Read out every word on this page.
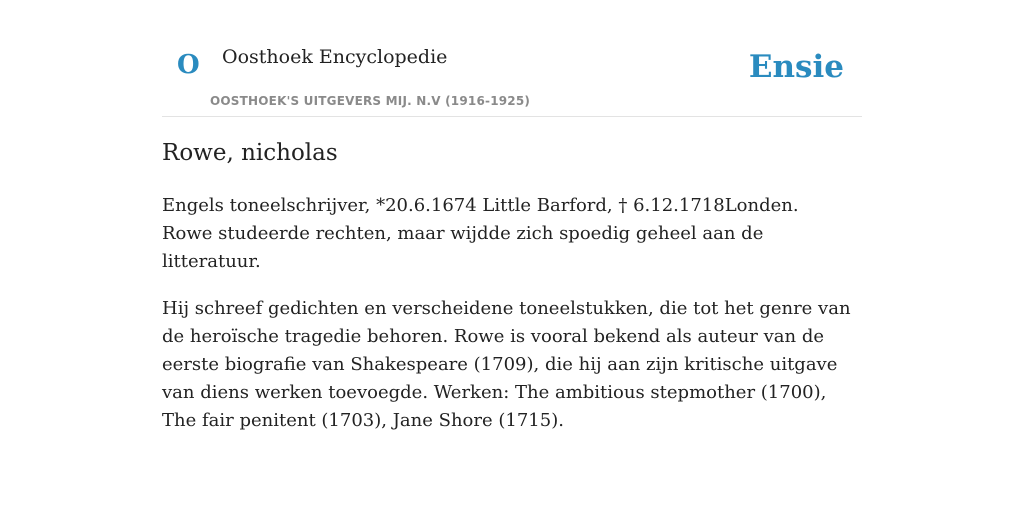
O Oosthoek Encyclopedie
OOSTHOEK'S UITGEVERS MIJ. N.V (1916-1925)
Ensie
Rowe, nicholas

Engels toneelschrijver, *20.6.1674 Little Barford, † 6.12.1718Londen. Rowe studeerde rechten, maar wijdde zich spoedig geheel aan de litteratuur.

Hij schreef gedichten en verscheidene toneelstukken, die tot het genre van de heroïsche tragedie behoren. Rowe is vooral bekend als auteur van de eerste biografie van Shakespeare (1709), die hij aan zijn kritische uitgave van diens werken toevoegde. Werken: The ambitious stepmother (1700), The fair penitent (1703), Jane Shore (1715).
